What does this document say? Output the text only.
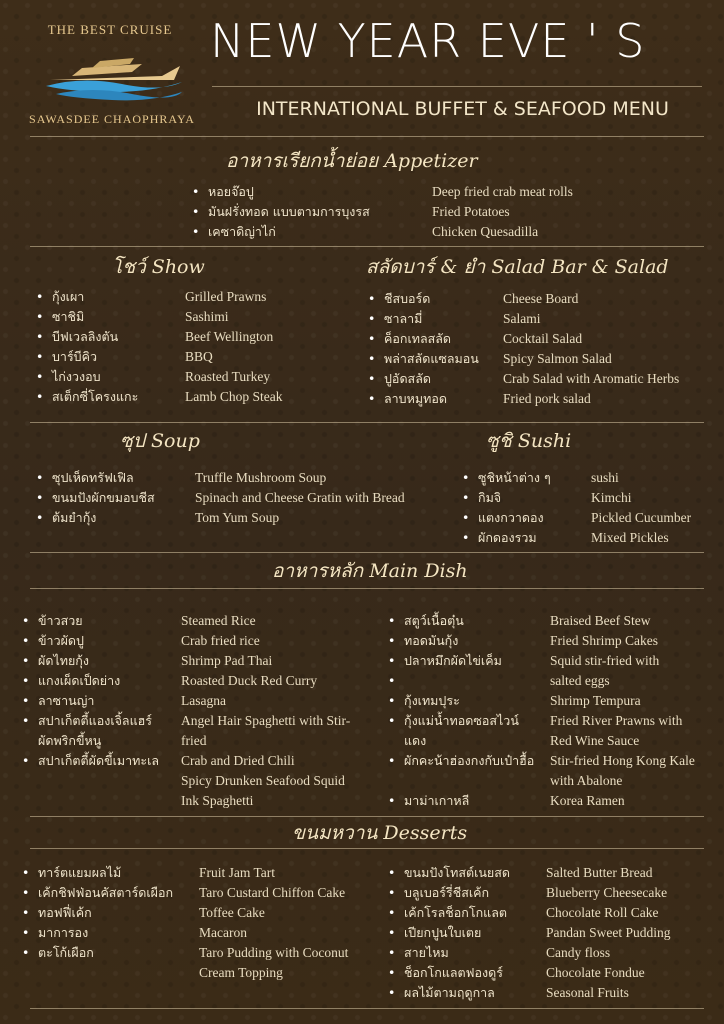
THE BEST CRUISE
SAWASDEE CHAOPHRAYA
NEW YEAR EVE ' S
INTERNATIONAL BUFFET & SEAFOOD MENU
อาหารเรียกน้ำย่อย Appetizer
• หอยจ๊อปู
• มันฝรั่งทอด แบบตามการบุงรส
• เคซาดิญ่าไก่
Deep fried crab meat rolls
Fried Potatoes
Chicken Quesadilla
โชว์ Show
• กุ้งเผา
• ซาชิมิ
• บีฟเวลลิงตัน
• บาร์บีคิว
• ไก่งวงอบ
• สเต็กซี่โครงแกะ
Grilled Prawns
Sashimi
Beef Wellington
BBQ
Roasted Turkey
Lamb Chop Steak
สลัดบาร์ & ยำ Salad Bar & Salad
• ชีสบอร์ด
• ซาลามี่
• ค็อกเทลสลัด
• พล่าสลัดแซลมอน
• ปูอัดสลัด
• ลาบหมูทอด
Cheese Board
Salami
Cocktail Salad
Spicy Salmon Salad
Crab Salad with Aromatic Herbs
Fried pork salad
ซุป Soup
• ซุปเห็ดทรัฟเฟิล
• ขนมปังผักขมอบชีส
• ต้มยำกุ้ง
Truffle Mushroom Soup
Spinach and Cheese Gratin with Bread
Tom Yum Soup
ซูชิ Sushi
• ซูชิหน้าต่าง ๆ
• กิมจิ
• แตงกวาดอง
• ผักดองรวม
sushi
Kimchi
Pickled Cucumber
Mixed Pickles
อาหารหลัก Main Dish
• ข้าวสวย
• ข้าวผัดปู
• ผัดไทยกุ้ง
• แกงเผ็ดเป็ดย่าง
• ลาซานญ่า
• สปาเก็ตตี้แองเจิ้ลแฮร์
ผัดพริกขี้หนู
• สปาเก็ตตี้ผัดขี้เมาทะเล
Steamed Rice
Crab fried rice
Shrimp Pad Thai
Roasted Duck Red Curry
Lasagna
Angel Hair Spaghetti with Stir-
fried
Crab and Dried Chili
Spicy Drunken Seafood Squid
Ink Spaghetti
• สตูว์เนื้อตุ๋น
• ทอดมันกุ้ง
• ปลาหมึกผัดไข่เค็ม
•
• กุ้งเทมปุระ
• กุ้งแม่น้ำทอดซอสไวน์
แดง
• ผักคะน้าฮ่องกงกับเป๋าฮื้อ
• มาม่าเกาหลี
Braised Beef Stew
Fried Shrimp Cakes
Squid stir-fried with
salted eggs
Shrimp Tempura
Fried River Prawns with
Red Wine Sauce
Stir-fried Hong Kong Kale
with Abalone
Korea Ramen
ขนมหวาน Desserts
• ทาร์ตแยมผลไม้
• เค้กชิฟฟ่อนคัสตาร์ดเผือก
• ทอฟฟี่เค้ก
• มาการอง
• ตะโก้เผือก
Fruit Jam Tart
Taro Custard Chiffon Cake
Toffee Cake
Macaron
Taro Pudding with Coconut
Cream Topping
• ขนมปังโทสต์เนยสด
• บลูเบอร์รี่ชีสเค้ก
• เค้กโรลช็อกโกแลต
• เปียกปูนใบเตย
• สายไหม
• ช็อกโกแลตฟองดูร์
• ผลไม้ตามฤดูกาล
Salted Butter Bread
Blueberry Cheesecake
Chocolate Roll Cake
Pandan Sweet Pudding
Candy floss
Chocolate Fondue
Seasonal Fruits
